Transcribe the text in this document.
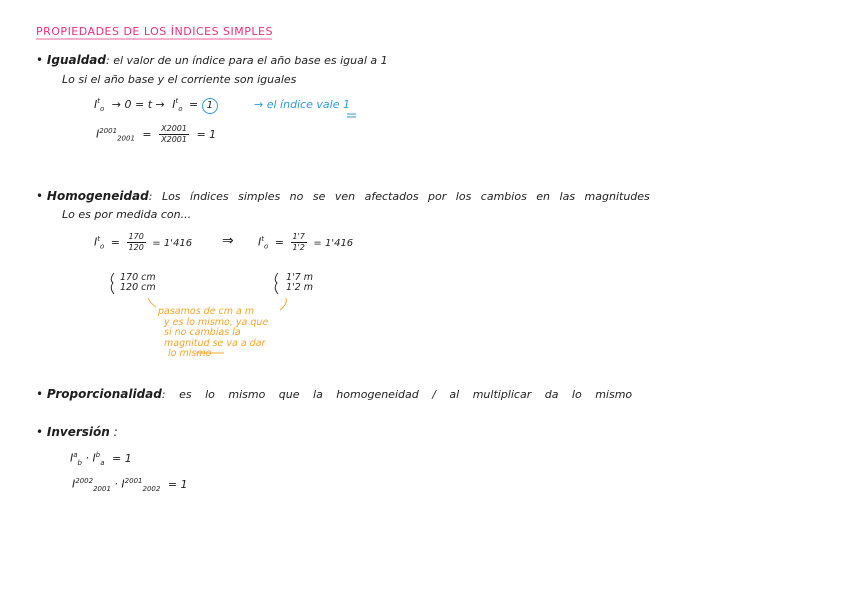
PROPIEDADES DE LOS ÍNDICES SIMPLES
• Igualdad: el valor de un índice para el año base es igual a 1
Lo si el año base y el corriente son iguales
$I^t_o \to 0 = t \to I^t_o = 1$	→ el índice vale 1
$I^{2001}_{2001} = \frac{X2001}{X2001} = 1$
• Homogeneidad: Los índices simples no se ven afectados por los cambios en las magnitudes
Lo es por medida con...
$I^t_o = \frac{170}{120} = 1'416$ ⇒ $I^t_o = \frac{1'7}{1'2} = 1'416$
170 cm
120 cm
1'7 m
1'2 m
pasamos de cm a m
y es lo mismo, ya que
si no cambias la
magnitud se va a dar
lo mismo
• Proporcionalidad: es lo mismo que la homogeneidad / al multiplicar da lo mismo
• Inversión :
$I^a_b \cdot I^b_a = 1$
$I^{2002}_{2001} \cdot I^{2001}_{2002} = 1$
